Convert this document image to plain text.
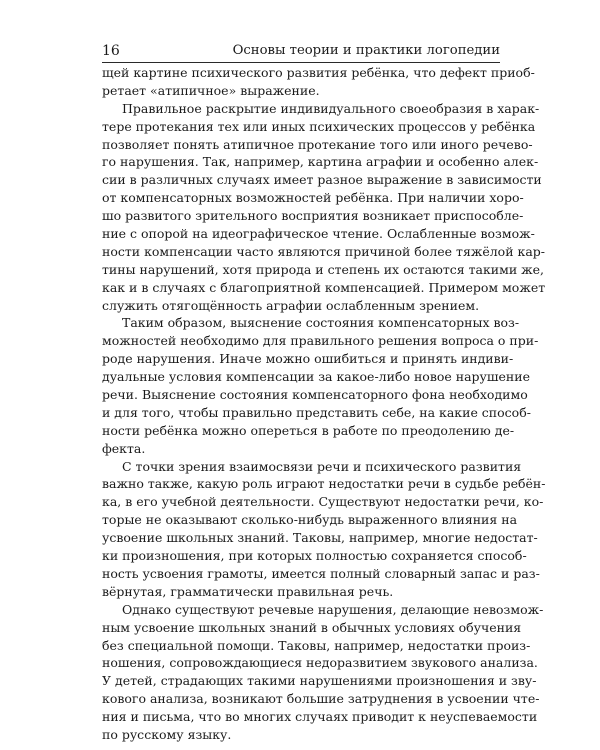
16	Основы теории и практики логопедии
щей картине психического развития ребёнка, что дефект приоб-
ретает «атипичное» выражение.
Правильное раскрытие индивидуального своеобразия в харак-
тере протекания тех или иных психических процессов у ребёнка
позволяет понять атипичное протекание того или иного речево-
го нарушения. Так, например, картина аграфии и особенно алек-
сии в различных случаях имеет разное выражение в зависимости
от компенсаторных возможностей ребёнка. При наличии хоро-
шо развитого зрительного восприятия возникает приспособле-
ние с опорой на идеографическое чтение. Ослабленные возмож-
ности компенсации часто являются причиной более тяжёлой кар-
тины нарушений, хотя природа и степень их остаются такими же,
как и в случаях с благоприятной компенсацией. Примером может
служить отягощённость аграфии ослабленным зрением.
Таким образом, выяснение состояния компенсаторных воз-
можностей необходимо для правильного решения вопроса о при-
роде нарушения. Иначе можно ошибиться и принять индиви-
дуальные условия компенсации за какое-либо новое нарушение
речи. Выяснение состояния компенсаторного фона необходимо
и для того, чтобы правильно представить себе, на какие способ-
ности ребёнка можно опереться в работе по преодолению де-
фекта.
С точки зрения взаимосвязи речи и психического развития
важно также, какую роль играют недостатки речи в судьбе ребён-
ка, в его учебной деятельности. Существуют недостатки речи, ко-
торые не оказывают сколько-нибудь выраженного влияния на
усвоение школьных знаний. Таковы, например, многие недостат-
ки произношения, при которых полностью сохраняется способ-
ность усвоения грамоты, имеется полный словарный запас и раз-
вёрнутая, грамматически правильная речь.
Однако существуют речевые нарушения, делающие невозмож-
ным усвоение школьных знаний в обычных условиях обучения
без специальной помощи. Таковы, например, недостатки произ-
ношения, сопровождающиеся недоразвитием звукового анализа.
У детей, страдающих такими нарушениями произношения и зву-
кового анализа, возникают большие затруднения в усвоении чте-
ния и письма, что во многих случаях приводит к неуспеваемости
по русскому языку.
